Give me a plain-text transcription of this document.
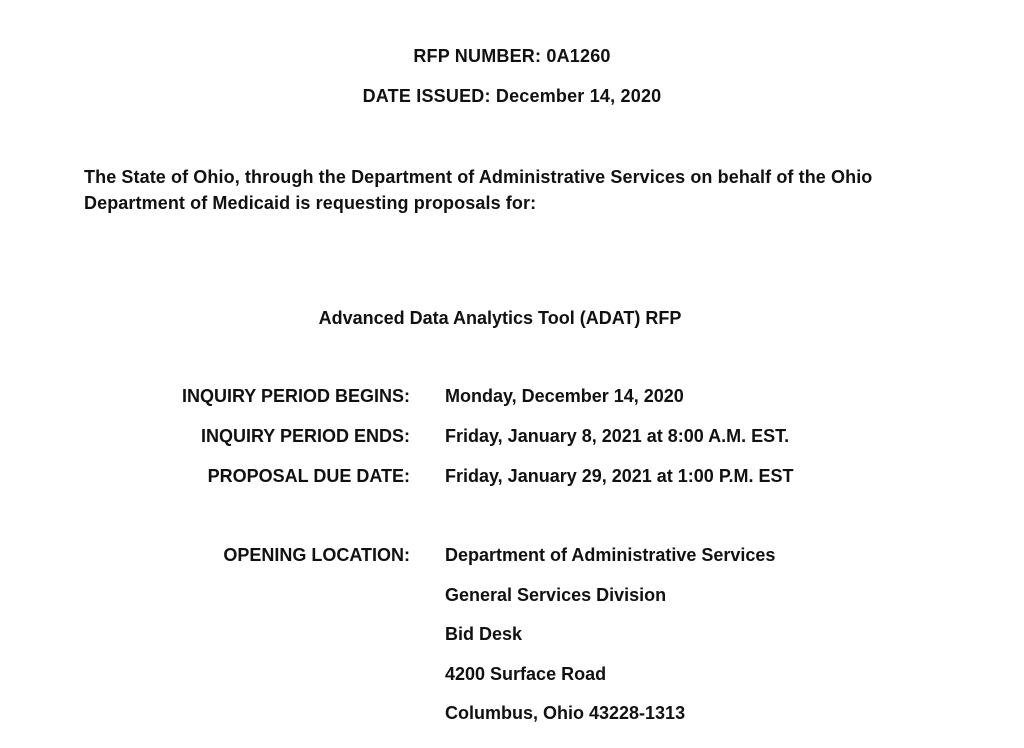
RFP NUMBER: 0A1260
DATE ISSUED: December 14, 2020
The State of Ohio, through the Department of Administrative Services on behalf of the Ohio Department of Medicaid is requesting proposals for:
Advanced Data Analytics Tool (ADAT) RFP
INQUIRY PERIOD BEGINS: Monday, December 14, 2020
INQUIRY PERIOD ENDS: Friday, January 8, 2021 at 8:00 A.M. EST.
PROPOSAL DUE DATE: Friday, January 29, 2021 at 1:00 P.M. EST
OPENING LOCATION: Department of Administrative Services
General Services Division
Bid Desk
4200 Surface Road
Columbus, Ohio 43228-1313
